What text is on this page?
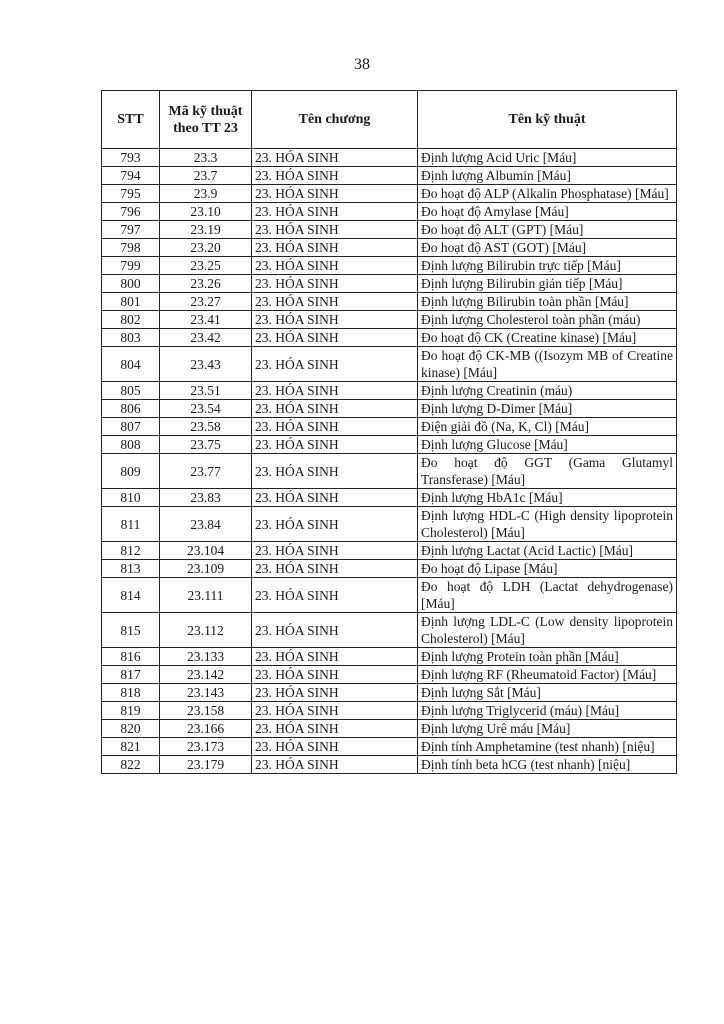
38
STT	Mã kỹ thuật theo TT 23	Tên chương	Tên kỹ thuật
793	23.3	23. HÓA SINH	Định lượng Acid Uric [Máu]
794	23.7	23. HÓA SINH	Định lượng Albumin [Máu]
795	23.9	23. HÓA SINH	Đo hoạt độ ALP (Alkalin Phosphatase) [Máu]
796	23.10	23. HÓA SINH	Đo hoạt độ Amylase [Máu]
797	23.19	23. HÓA SINH	Đo hoạt độ ALT (GPT) [Máu]
798	23.20	23. HÓA SINH	Đo hoạt độ AST (GOT) [Máu]
799	23.25	23. HÓA SINH	Định lượng Bilirubin trực tiếp [Máu]
800	23.26	23. HÓA SINH	Định lượng Bilirubin gián tiếp [Máu]
801	23.27	23. HÓA SINH	Định lượng Bilirubin toàn phần [Máu]
802	23.41	23. HÓA SINH	Định lượng Cholesterol toàn phần (máu)
803	23.42	23. HÓA SINH	Đo hoạt độ CK (Creatine kinase) [Máu]
804	23.43	23. HÓA SINH	Đo hoạt độ CK-MB ((Isozym MB of Creatine kinase) [Máu]
805	23.51	23. HÓA SINH	Định lượng Creatinin (máu)
806	23.54	23. HÓA SINH	Định lượng D-Dimer [Máu]
807	23.58	23. HÓA SINH	Điện giải đồ (Na, K, Cl) [Máu]
808	23.75	23. HÓA SINH	Định lượng Glucose [Máu]
809	23.77	23. HÓA SINH	Đo hoạt độ GGT (Gama Glutamyl Transferase) [Máu]
810	23.83	23. HÓA SINH	Định lượng HbA1c [Máu]
811	23.84	23. HÓA SINH	Định lượng HDL-C (High density lipoprotein Cholesterol) [Máu]
812	23.104	23. HÓA SINH	Định lượng Lactat (Acid Lactic) [Máu]
813	23.109	23. HÓA SINH	Đo hoạt độ Lipase [Máu]
814	23.111	23. HÓA SINH	Đo hoạt độ LDH (Lactat dehydrogenase) [Máu]
815	23.112	23. HÓA SINH	Định lượng LDL-C (Low density lipoprotein Cholesterol) [Máu]
816	23.133	23. HÓA SINH	Định lượng Protein toàn phần [Máu]
817	23.142	23. HÓA SINH	Định lượng RF (Rheumatoid Factor) [Máu]
818	23.143	23. HÓA SINH	Định lượng Sắt [Máu]
819	23.158	23. HÓA SINH	Định lượng Triglycerid (máu) [Máu]
820	23.166	23. HÓA SINH	Định lượng Urê máu [Máu]
821	23.173	23. HÓA SINH	Định tính Amphetamine (test nhanh) [niệu]
822	23.179	23. HÓA SINH	Định tính beta hCG (test nhanh) [niệu]
